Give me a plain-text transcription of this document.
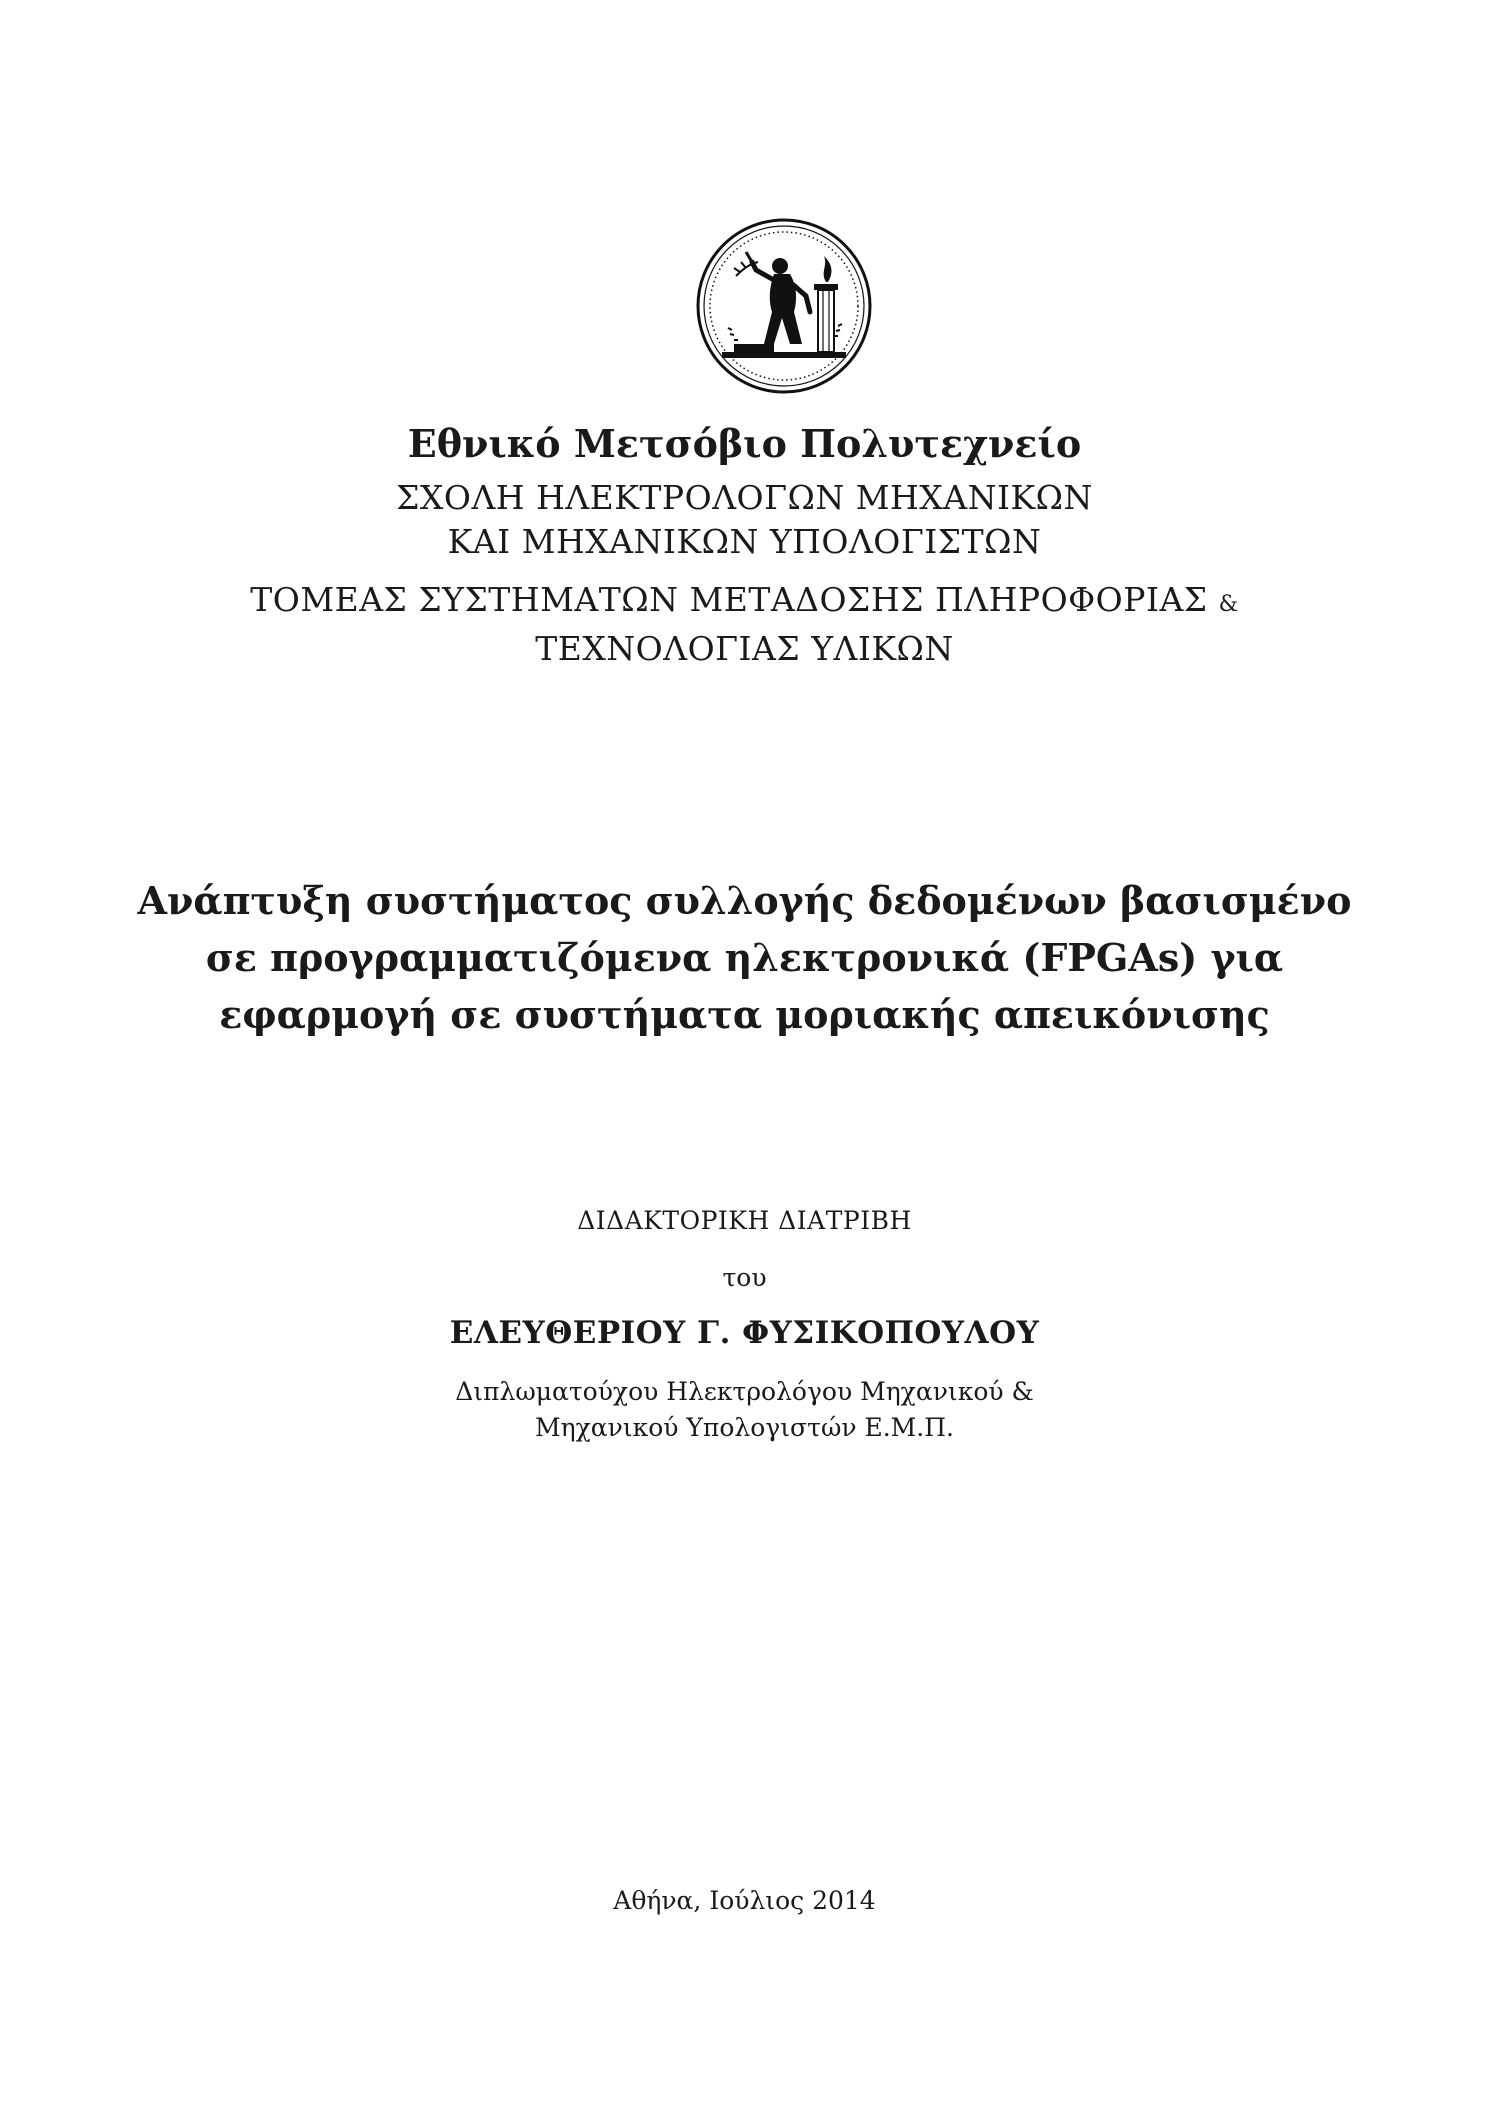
Εθνικό Μετσόβιο Πολυτεχνείο
ΣΧΟΛΗ ΗΛΕΚΤΡΟΛΟΓΩΝ ΜΗΧΑΝΙΚΩΝ
ΚΑΙ ΜΗΧΑΝΙΚΩΝ ΥΠΟΛΟΓΙΣΤΩΝ
ΤΟΜΕΑΣ ΣΥΣΤΗΜΑΤΩΝ ΜΕΤΑΔΟΣΗΣ ΠΛΗΡΟΦΟΡΙΑΣ &
ΤΕΧΝΟΛΟΓΙΑΣ ΥΛΙΚΩΝ
Ανάπτυξη συστήματος συλλογής δεδομένων βασισμένο
σε προγραμματιζόμενα ηλεκτρονικά (FPGAs) για
εφαρμογή σε συστήματα μοριακής απεικόνισης
ΔΙΔΑΚΤΟΡΙΚΗ ΔΙΑΤΡΙΒΗ
του
ΕΛΕΥΘΕΡΙΟΥ Γ. ΦΥΣΙΚΟΠΟΥΛΟΥ
Διπλωματούχου Ηλεκτρολόγου Μηχανικού &
Μηχανικού Υπολογιστών Ε.Μ.Π.
Αθήνα, Ιούλιος 2014
